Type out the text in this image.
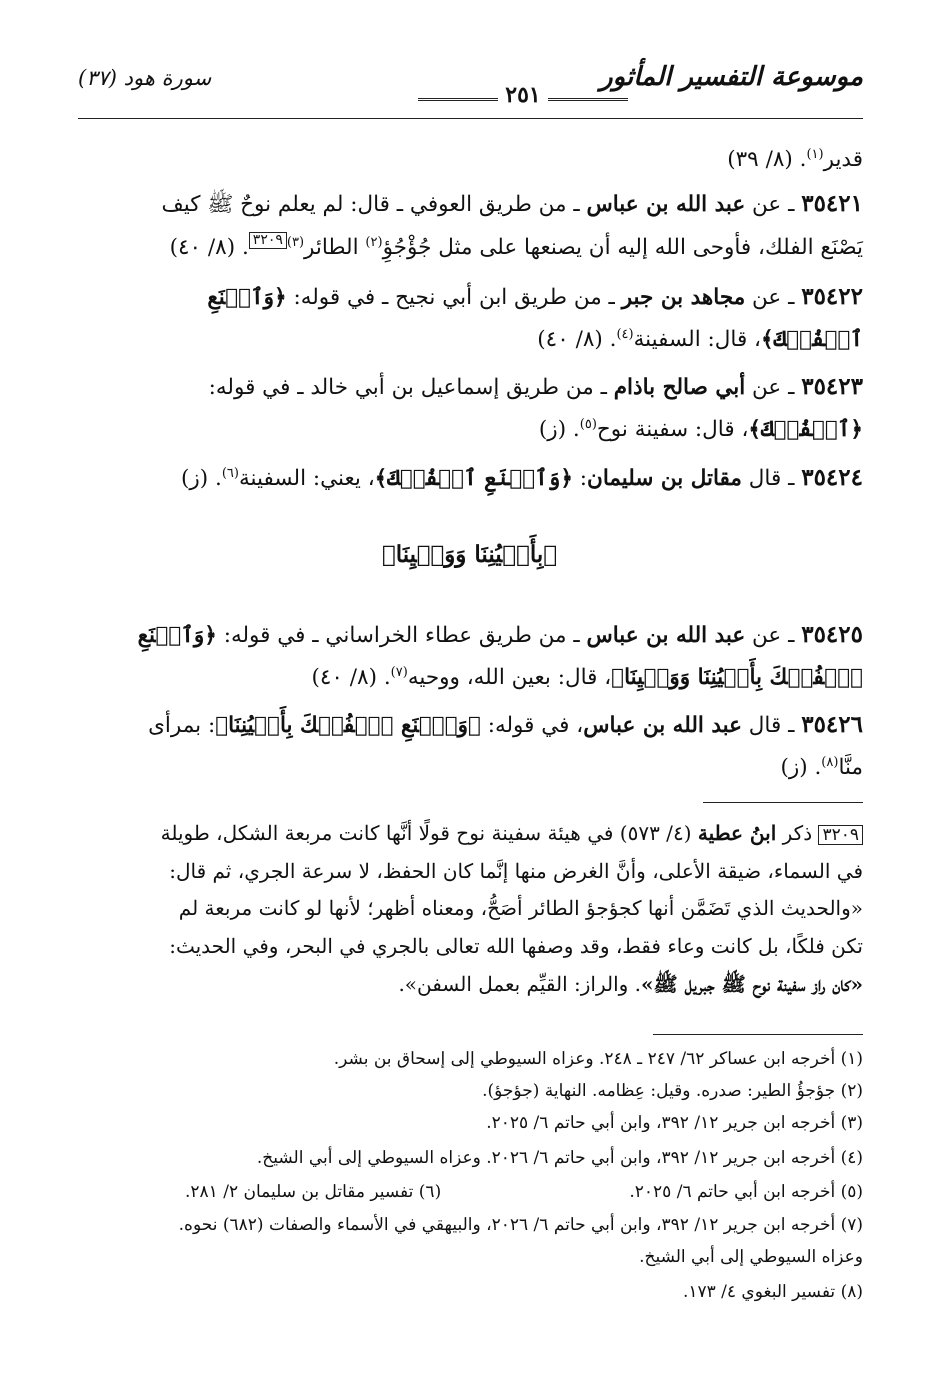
موسوعة التفسير المأثور
٢٥١
سورة هود (٣٧)
قدير$^{(١)}$. (٨/ ٣٩)
٣٥٤٢١ ـ عن عبد الله بن عباس ـ من طريق العوفي ـ قال: لم يعلم نوحٌ ﷺ كيف
يَصْنَع الفلك، فأوحى الله إليه أن يصنعها على مثل جُؤْجُؤِ$^{(٢)}$ الطائر$^{(٣)}$٣٢٠٩. (٨/ ٤٠)
٣٥٤٢٢ ـ عن مجاهد بن جبر ـ من طريق ابن أبي نجيح ـ في قوله: ﴿وَٱصۡنَعِ
ٱلۡفُلۡكَ﴾، قال: السفينة$^{(٤)}$. (٨/ ٤٠)
٣٥٤٢٣ ـ عن أبي صالح باذام ـ من طريق إسماعيل بن أبي خالد ـ في قوله:
﴿ٱلۡفُلۡكَ﴾، قال: سفينة نوح$^{(٥)}$. (ز)
٣٥٤٢٤ ـ قال مقاتل بن سليمان: ﴿وَٱصۡنَعِ ٱلۡفُلۡكَ﴾، يعني: السفينة$^{(٦)}$. (ز)
٣٥٤٢٥ ـ عن عبد الله بن عباس ـ من طريق عطاء الخراساني ـ في قوله: ﴿وَٱصۡنَعِ
ٱلۡفُلۡكَ بِأَعۡيُنِنَا وَوَحۡيِنَا﴾، قال: بعين الله، ووحيه$^{(٧)}$. (٨/ ٤٠)
٣٥٤٢٦ ـ قال عبد الله بن عباس، في قوله: ﴿وَٱصۡنَعِ ٱلۡفُلۡكَ بِأَعۡيُنِنَا﴾: بمرأى
منَّا$^{(٨)}$. (ز)
﴿بِأَعۡيُنِنَا وَوَحۡيِنَا﴾
٣٢٠٩ ذكر ابنُ عطية (٤/ ٥٧٣) في هيئة سفينة نوح قولًا أنَّها كانت مربعة الشكل، طويلة
في السماء، ضيقة الأعلى، وأنَّ الغرض منها إنَّما كان الحفظ، لا سرعة الجري، ثم قال:
«والحديث الذي تَضَمَّن أنها كجؤجؤ الطائر أصَحُّ، ومعناه أظهر؛ لأنها لو كانت مربعة لم
تكن فلكًا، بل كانت وعاء فقط، وقد وصفها الله تعالى بالجري في البحر، وفي الحديث:
«كان راز سفينة نوح ﷺ جبريل ﷺ». والراز: القيِّم بعمل السفن».
(١) أخرجه ابن عساكر ٦٢/ ٢٤٧ ـ ٢٤٨. وعزاه السيوطي إلى إسحاق بن بشر.
(٢) جؤجؤُ الطير: صدره. وقيل: عِظامه. النهاية (جؤجؤ).
(٣) أخرجه ابن جرير ١٢/ ٣٩٢، وابن أبي حاتم ٦/ ٢٠٢٥.
(٤) أخرجه ابن جرير ١٢/ ٣٩٢، وابن أبي حاتم ٦/ ٢٠٢٦. وعزاه السيوطي إلى أبي الشيخ.
(٧) أخرجه ابن جرير ١٢/ ٣٩٢، وابن أبي حاتم ٦/ ٢٠٢٦، والبيهقي في الأسماء والصفات (٦٨٢) نحوه.
وعزاه السيوطي إلى أبي الشيخ.
(٨) تفسير البغوي ٤/ ١٧٣.
(٥) أخرجه ابن أبي حاتم ٦/ ٢٠٢٥.
(٦) تفسير مقاتل بن سليمان ٢/ ٢٨١.
